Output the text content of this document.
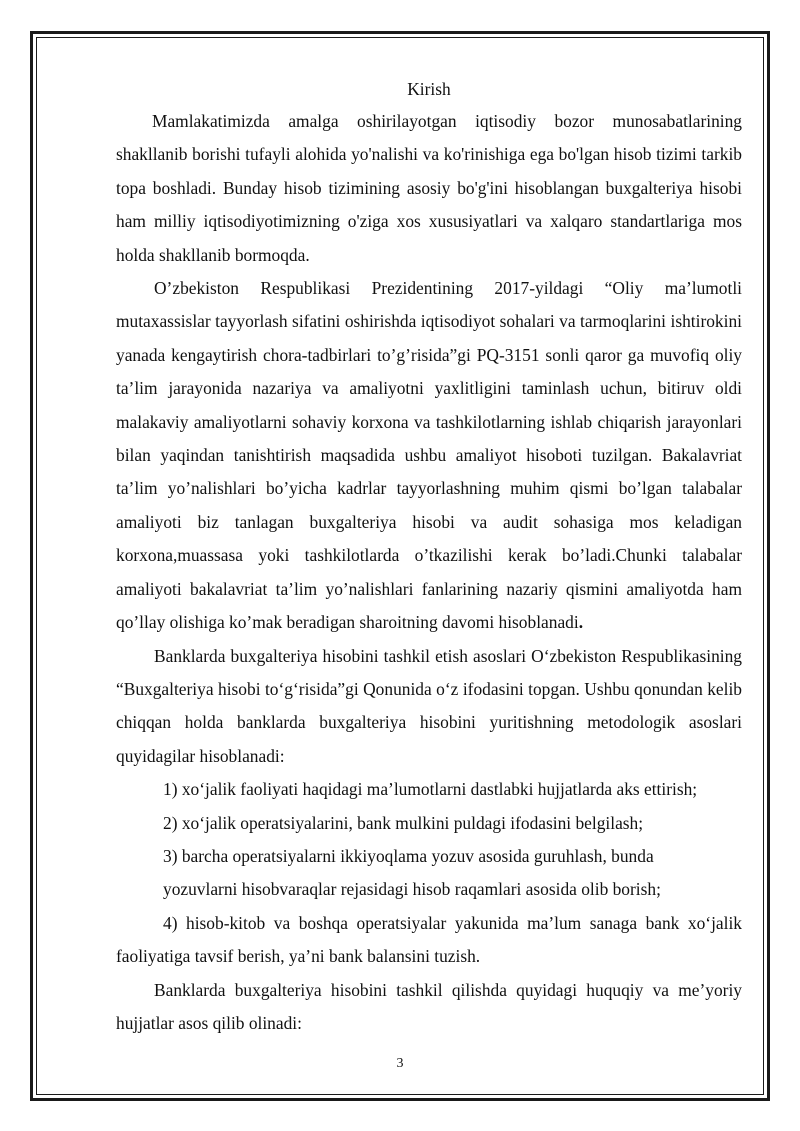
Kirish

Mamlakatimizda amalga oshirilayotgan iqtisodiy bozor munosabatlarining shakllanib borishi tufayli alohida yo'nalishi va ko'rinishiga ega bo'lgan hisob tizimi tarkib topa boshladi. Bunday hisob tizimining asosiy bo'g'ini hisoblangan buxgalteriya hisobi ham milliy iqtisodiyotimizning o'ziga xos xususiyatlari va xalqaro standartlariga mos holda shakllanib bormoqda.

O’zbekiston Respublikasi Prezidentining 2017-yildagi “Oliy ma’lumotli mutaxassislar tayyorlash sifatini oshirishda iqtisodiyot sohalari va tarmoqlarini ishtirokini yanada kengaytirish chora-tadbirlari to’g’risida”gi PQ-3151 sonli qaror ga muvofiq oliy ta’lim jarayonida nazariya va amaliyotni yaxlitligini taminlash uchun, bitiruv oldi malakaviy amaliyotlarni sohaviy korxona va tashkilotlarning ishlab chiqarish jarayonlari bilan yaqindan tanishtirish maqsadida ushbu amaliyot hisoboti tuzilgan. Bakalavriat ta’lim yo’nalishlari bo’yicha kadrlar tayyorlashning muhim qismi bo’lgan talabalar amaliyoti biz tanlagan buxgalteriya hisobi va audit sohasiga mos keladigan korxona,muassasa yoki tashkilotlarda o’tkazilishi kerak bo’ladi.Chunki talabalar amaliyoti bakalavriat ta’lim yo’nalishlari fanlarining nazariy qismini amaliyotda ham qo’llay olishiga ko’mak beradigan sharoitning davomi hisoblanadi.

Banklarda buxgalteriya hisobini tashkil etish asoslari O‘zbekiston Respublikasining “Buxgalteriya hisobi to‘g‘risida”gi Qonunida o‘z ifodasini topgan. Ushbu qonundan kelib chiqqan holda banklarda buxgalteriya hisobini yuritishning metodologik asoslari quyidagilar hisoblanadi:

1) xo‘jalik faoliyati haqidagi ma’lumotlarni dastlabki hujjatlarda aks ettirish;

2) xo‘jalik operatsiyalarini, bank mulkini puldagi ifodasini belgilash;

3) barcha operatsiyalarni ikkiyoqlama yozuv asosida guruhlash, bunda

yozuvlarni hisobvaraqlar rejasidagi hisob raqamlari asosida olib borish;

4) hisob-kitob va boshqa operatsiyalar yakunida ma’lum sanaga bank xo‘jalik faoliyatiga tavsif berish, ya’ni bank balansini tuzish.

Banklarda buxgalteriya hisobini tashkil qilishda quyidagi huquqiy va me’yoriy hujjatlar asos qilib olinadi:

3
